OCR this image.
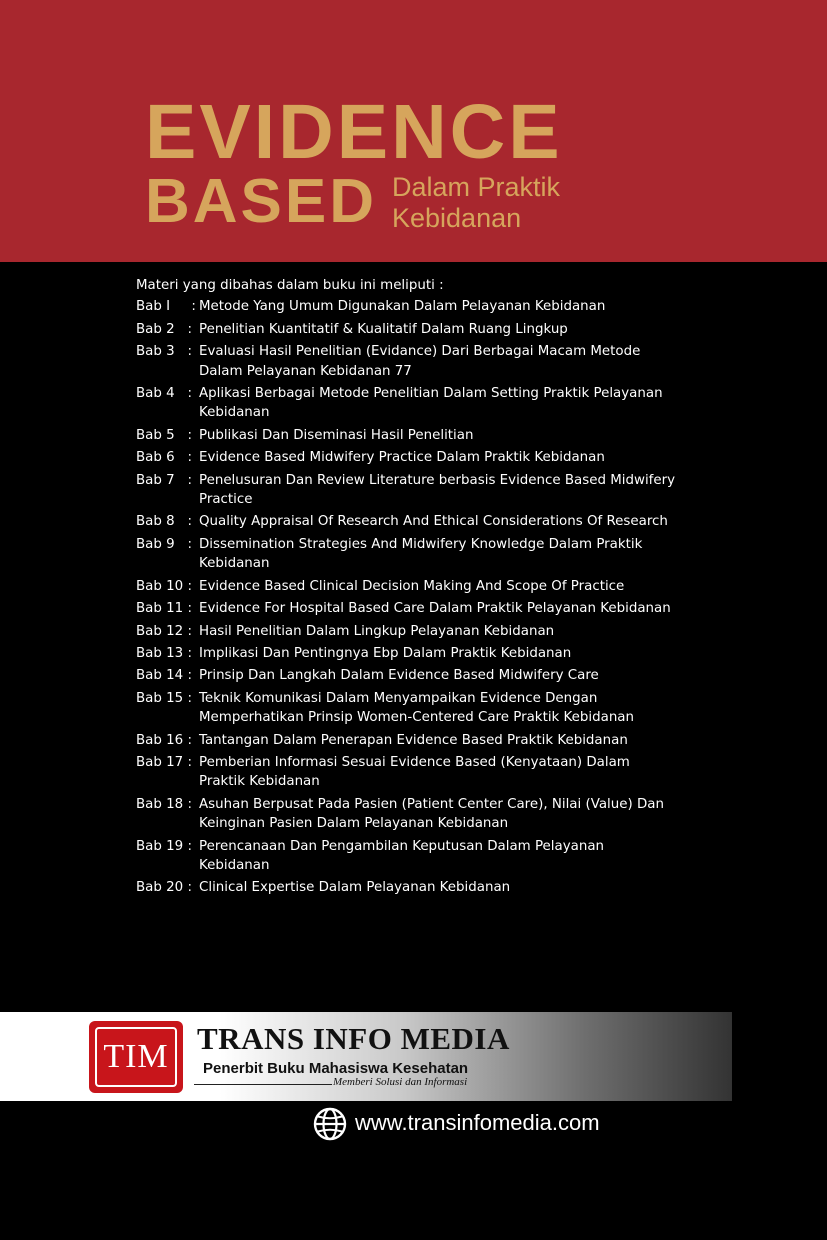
EVIDENCE
BASED Dalam Praktik
Kebidanan
Materi yang dibahas dalam buku ini meliputi :
Bab I     : Metode Yang Umum Digunakan Dalam Pelayanan Kebidanan
Bab 2   : Penelitian Kuantitatif & Kualitatif Dalam Ruang Lingkup
Bab 3   : Evaluasi Hasil Penelitian (Evidance) Dari Berbagai Macam Metode Dalam Pelayanan Kebidanan 77
Bab 4   : Aplikasi Berbagai Metode Penelitian Dalam Setting Praktik Pelayanan Kebidanan
Bab 5   : Publikasi Dan Diseminasi Hasil Penelitian
Bab 6   : Evidence Based Midwifery Practice Dalam Praktik Kebidanan
Bab 7   : Penelusuran Dan Review Literature berbasis Evidence Based Midwifery Practice
Bab 8   : Quality Appraisal Of Research And Ethical Considerations Of Research
Bab 9   : Dissemination Strategies And Midwifery Knowledge Dalam Praktik Kebidanan
Bab 10 : Evidence Based Clinical Decision Making And Scope Of Practice
Bab 11 : Evidence For Hospital Based Care Dalam Praktik Pelayanan Kebidanan
Bab 12 : Hasil Penelitian Dalam Lingkup Pelayanan Kebidanan
Bab 13 : Implikasi Dan Pentingnya Ebp Dalam Praktik Kebidanan
Bab 14 : Prinsip Dan Langkah Dalam Evidence Based Midwifery Care
Bab 15 : Teknik Komunikasi Dalam Menyampaikan Evidence Dengan Memperhatikan Prinsip Women-Centered Care Praktik Kebidanan
Bab 16 : Tantangan Dalam Penerapan Evidence Based Praktik Kebidanan
Bab 17 : Pemberian Informasi Sesuai Evidence Based (Kenyataan) Dalam Praktik Kebidanan
Bab 18 : Asuhan Berpusat Pada Pasien (Patient Center Care), Nilai (Value) Dan Keinginan Pasien Dalam Pelayanan Kebidanan
Bab 19 : Perencanaan Dan Pengambilan Keputusan Dalam Pelayanan Kebidanan
Bab 20 : Clinical Expertise Dalam Pelayanan Kebidanan
TIM TRANS INFO MEDIA
Penerbit Buku Mahasiswa Kesehatan
Memberi Solusi dan Informasi
www.transinfomedia.com
